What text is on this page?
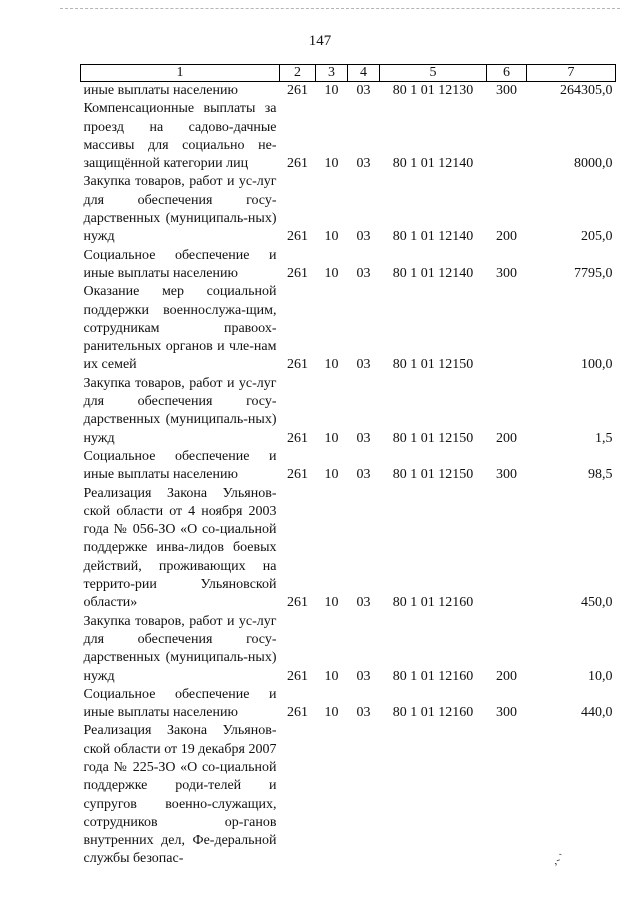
147
1	2	3	4	5	6	7
иные выплаты населению	261	10	03	80 1 01 12130	300	264305,0
Компенсационные выплаты за проезд на садово-дачные массивы для социально не-защищённой категории лиц	261	10	03	80 1 01 12140		8000,0
Закупка товаров, работ и ус-луг для обеспечения госу-дарственных (муниципаль-ных) нужд	261	10	03	80 1 01 12140	200	205,0
Социальное обеспечение и иные выплаты населению	261	10	03	80 1 01 12140	300	7795,0
Оказание мер социальной поддержки военнослужа-щим, сотрудникам правоох-ранительных органов и чле-нам их семей	261	10	03	80 1 01 12150		100,0
Закупка товаров, работ и ус-луг для обеспечения госу-дарственных (муниципаль-ных) нужд	261	10	03	80 1 01 12150	200	1,5
Социальное обеспечение и иные выплаты населению	261	10	03	80 1 01 12150	300	98,5
Реализация Закона Ульянов-ской области от 4 ноября 2003 года № 056-ЗО «О со-циальной поддержке инва-лидов боевых действий, проживающих на террито-рии Ульяновской области»	261	10	03	80 1 01 12160		450,0
Закупка товаров, работ и ус-луг для обеспечения госу-дарственных (муниципаль-ных) нужд	261	10	03	80 1 01 12160	200	10,0
Социальное обеспечение и иные выплаты населению	261	10	03	80 1 01 12160	300	440,0
Реализация Закона Ульянов-ской области от 19 декабря 2007 года № 225-ЗО «О со-циальной поддержке роди-телей и супругов военно-служащих, сотрудников ор-ганов внутренних дел, Фе-деральной службы безопас-							,-`
